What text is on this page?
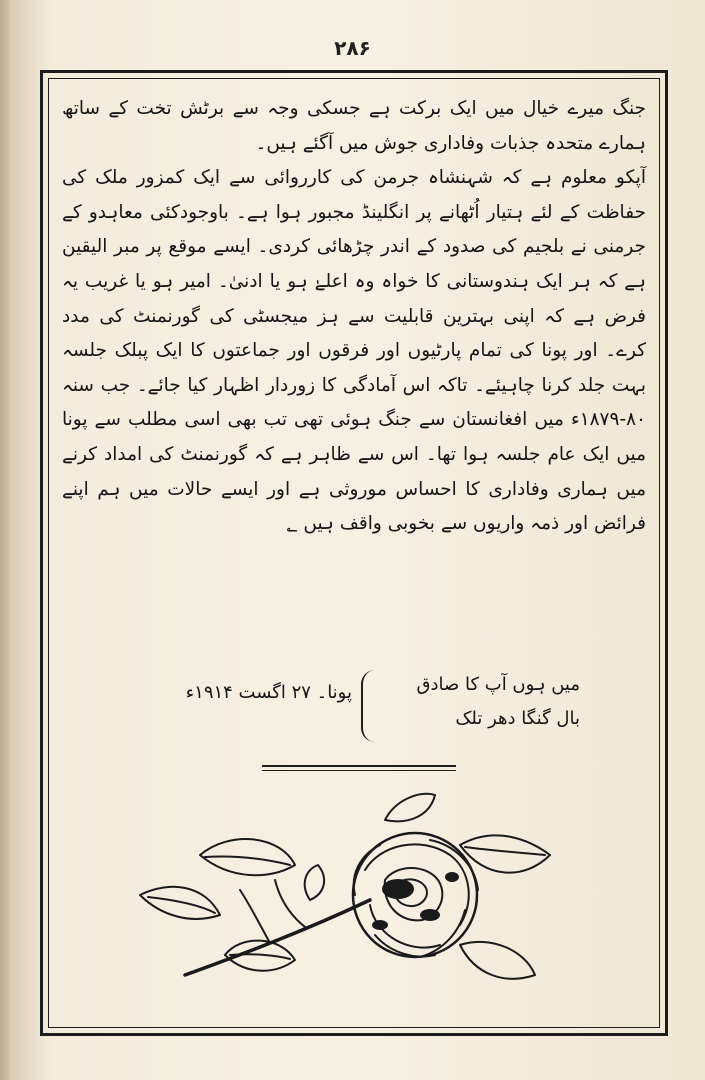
۲۸۶

جنگ میرے خیال میں ایک برکت ہے جسکی وجہ سے برٹش تخت کے ساتھ ہمارے متحدہ جذبات وفاداری جوش میں آگئے ہیں۔

آپکو معلوم ہے کہ شہنشاہ جرمن کی کارروائی سے ایک کمزور ملک کی حفاظت کے لئے ہتیار اُٹھانے پر انگلینڈ مجبور ہوا ہے۔ باوجودکئی معاہدو کے جرمنی نے بلجیم کی صدود کے اندر چڑھائی کردی۔ ایسے موقع پر مبر الیقین ہے کہ ہر ایک ہندوستانی کا خواہ وہ اعلےٰ ہو یا ادنیٰ۔ امیر ہو یا غریب یہ فرض ہے کہ اپنی بہترین قابلیت سے ہز میجسٹی کی گورنمنٹ کی مدد کرے۔ اور پونا کی تمام پارٹیوں اور فرقوں اور جماعتوں کا ایک پبلک جلسہ بہت جلد کرنا چاہیئے۔ تاکہ اس آمادگی کا زوردار اظہار کیا جائے۔ جب سنہ ۸۰-۱۸۷۹ء میں افغانستان سے جنگ ہوئی تھی تب بھی اسی مطلب سے پونا میں ایک عام جلسہ ہوا تھا۔ اس سے ظاہر ہے کہ گورنمنٹ کی امداد کرنے میں ہماری وفاداری کا احساس موروثی ہے اور ایسے حالات میں ہم اپنے فرائض اور ذمہ واریوں سے بخوبی واقف ہیں ؂

میں ہوں آپ کا صادق
بال گنگا دھر تلک
پونا۔ ۲۷ اگست ۱۹۱۴ء
